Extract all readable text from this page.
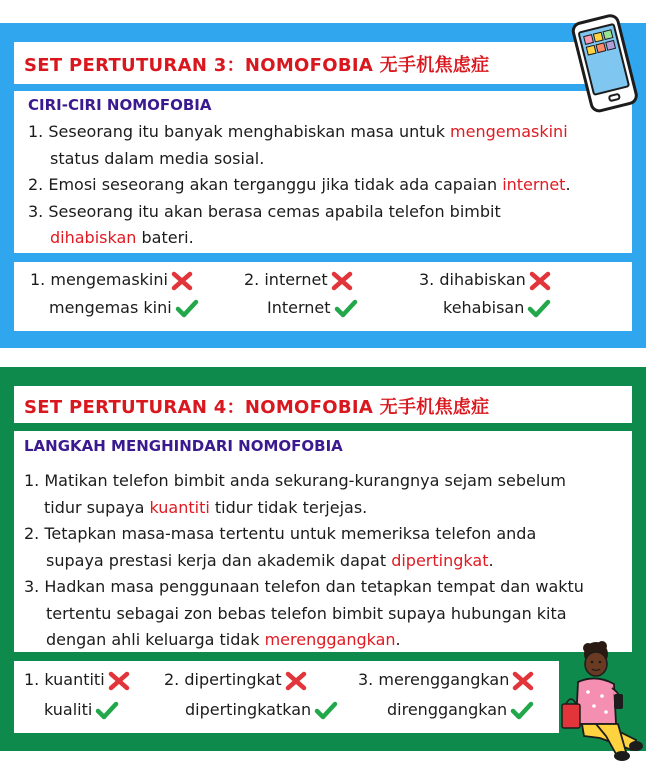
SET PERTUTURAN 3：NOMOFOBIA 无手机焦虑症
CIRI-CIRI NOMOFOBIA
1. Seseorang itu banyak menghabiskan masa untuk mengemaskini
status dalam media sosial.
2. Emosi seseorang akan terganggu jika tidak ada capaian internet.
3. Seseorang itu akan berasa cemas apabila telefon bimbit
dihabiskan bateri.
1. mengemaskini
mengemas kini
2. internet
Internet
3. dihabiskan
kehabisan
SET PERTUTURAN 4：NOMOFOBIA 无手机焦虑症
LANGKAH MENGHINDARI NOMOFOBIA
1. Matikan telefon bimbit anda sekurang-kurangnya sejam sebelum
tidur supaya kuantiti tidur tidak terjejas.
2. Tetapkan masa-masa tertentu untuk memeriksa telefon anda
supaya prestasi kerja dan akademik dapat dipertingkat.
3. Hadkan masa penggunaan telefon dan tetapkan tempat dan waktu
tertentu sebagai zon bebas telefon bimbit supaya hubungan kita
dengan ahli keluarga tidak merenggangkan.
1. kuantiti
kualiti
2. dipertingkat
dipertingkatkan
3. merenggangkan
direnggangkan
